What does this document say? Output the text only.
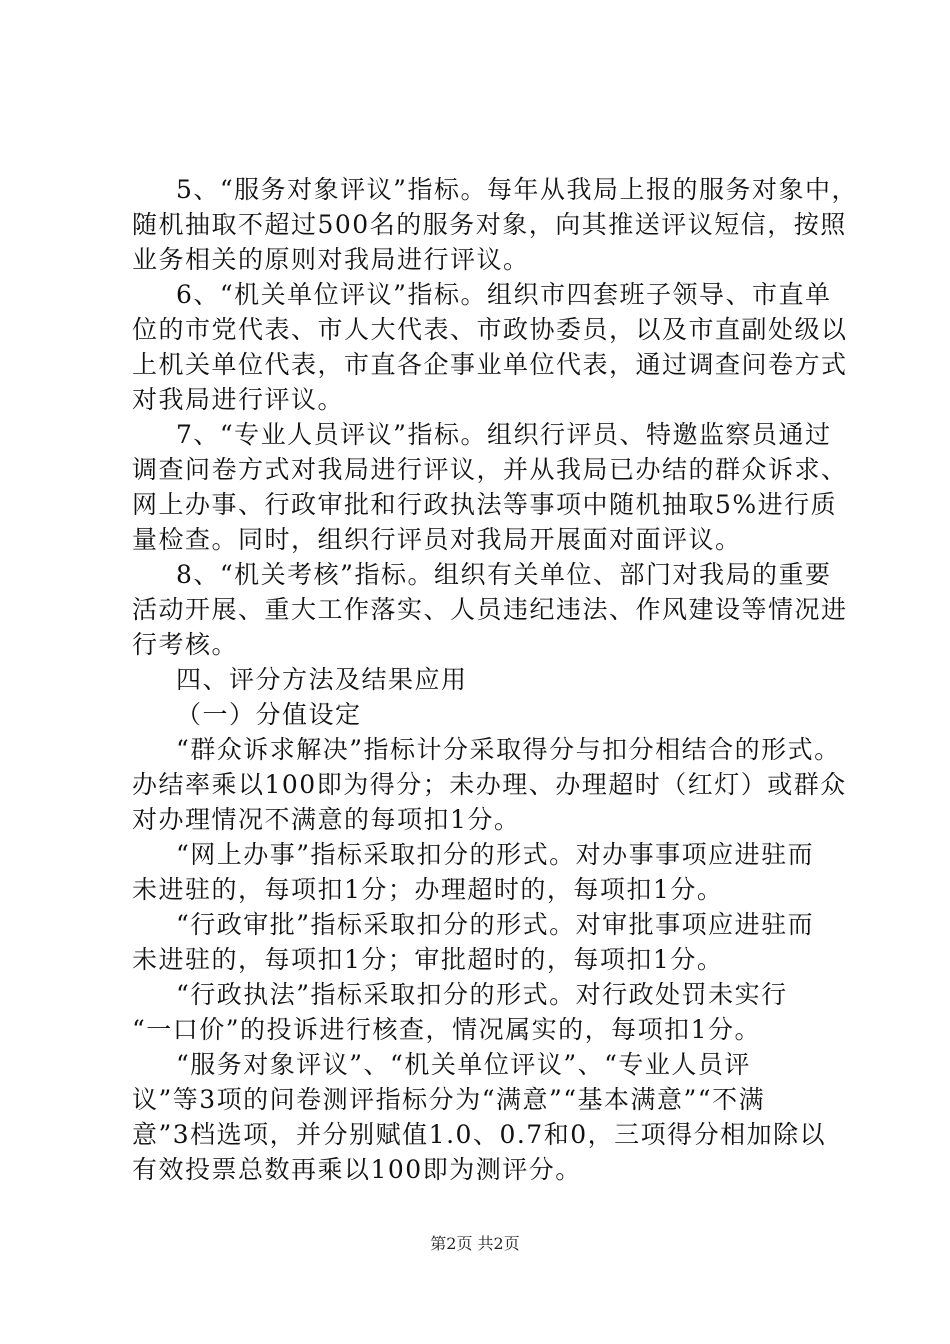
5、“服务对象评议”指标。每年从我局上报的服务对象中，
随机抽取不超过500名的服务对象，向其推送评议短信，按照
业务相关的原则对我局进行评议。
6、“机关单位评议”指标。组织市四套班子领导、市直单
位的市党代表、市人大代表、市政协委员，以及市直副处级以
上机关单位代表，市直各企事业单位代表，通过调查问卷方式
对我局进行评议。
7、“专业人员评议”指标。组织行评员、特邀监察员通过
调查问卷方式对我局进行评议，并从我局已办结的群众诉求、
网上办事、行政审批和行政执法等事项中随机抽取5%进行质
量检查。同时，组织行评员对我局开展面对面评议。
8、“机关考核”指标。组织有关单位、部门对我局的重要
活动开展、重大工作落实、人员违纪违法、作风建设等情况进
行考核。
四、评分方法及结果应用
（一）分值设定
“群众诉求解决”指标计分采取得分与扣分相结合的形式。
办结率乘以100即为得分；未办理、办理超时（红灯）或群众
对办理情况不满意的每项扣1分。
“网上办事”指标采取扣分的形式。对办事事项应进驻而
未进驻的，每项扣1分；办理超时的，每项扣1分。
“行政审批”指标采取扣分的形式。对审批事项应进驻而
未进驻的，每项扣1分；审批超时的，每项扣1分。
“行政执法”指标采取扣分的形式。对行政处罚未实行
“一口价”的投诉进行核查，情况属实的，每项扣1分。
“服务对象评议”、“机关单位评议”、“专业人员评
议”等3项的问卷测评指标分为“满意”“基本满意”“不满
意”3档选项，并分别赋值1.0、0.7和0，三项得分相加除以
有效投票总数再乘以100即为测评分。
第2页 共2页
